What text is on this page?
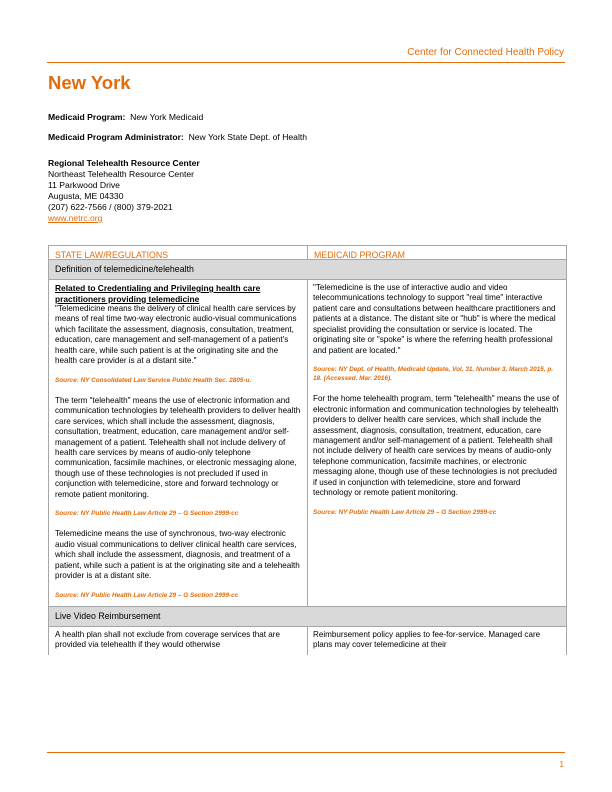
Center for Connected Health Policy
New York
Medicaid Program: New York Medicaid
Medicaid Program Administrator: New York State Dept. of Health
Regional Telehealth Resource Center
Northeast Telehealth Resource Center
11 Parkwood Drive
Augusta, ME 04330
(207) 622-7566 / (800) 379-2021
www.netrc.org
STATE LAW/REGULATIONS	MEDICAID PROGRAM
Definition of telemedicine/telehealth
Related to Credentialing and Privileging health care practitioners providing telemedicine

"Telemedicine means the delivery of clinical health care services by means of real time two-way electronic audio-visual communications which facilitate the assessment, diagnosis, consultation, treatment, education, care management and self-management of a patient's health care, while such patient is at the originating site and the health care provider is at a distant site."

Source: NY Consolidated Law Service Public Health Sec. 2805-u.

The term "telehealth" means the use of electronic information and communication technologies by telehealth providers to deliver health care services, which shall include the assessment, diagnosis, consultation, treatment, education, care management and/or self-management of a patient. Telehealth shall not include delivery of health care services by means of audio-only telephone communication, facsimile machines, or electronic messaging alone, though use of these technologies is not precluded if used in conjunction with telemedicine, store and forward technology or remote patient monitoring.

Source: NY Public Health Law Article 29 – G Section 2999-cc

Telemedicine means the use of synchronous, two-way electronic audio visual communications to deliver clinical health care services, which shall include the assessment, diagnosis, and treatment of a patient, while such a patient is at the originating site and a telehealth provider is at a distant site.

Source: NY Public Health Law Article 29 – G Section 2999-cc

"Telemedicine is the use of interactive audio and video telecommunications technology to support "real time" interactive patient care and consultations between healthcare practitioners and patients at a distance. The distant site or "hub" is where the medical specialist providing the consultation or service is located. The originating site or "spoke" is where the referring health professional and patient are located."

Source: NY Dept. of Health, Medicaid Update, Vol. 31, Number 3, March 2015, p. 18. (Accessed. Mar. 2016).

For the home telehealth program, term "telehealth" means the use of electronic information and communication technologies by telehealth providers to deliver health care services, which shall include the assessment, diagnosis, consultation, treatment, education, care management and/or self-management of a patient. Telehealth shall not include delivery of health care services by means of audio-only telephone communication, facsimile machines, or electronic messaging alone, though use of these technologies is not precluded if used in conjunction with telemedicine, store and forward technology or remote patient monitoring.

Source: NY Public Health Law Article 29 – G Section 2999-cc
Live Video Reimbursement

A health plan shall not exclude from coverage services that are provided via telehealth if they would otherwise

Reimbursement policy applies to fee-for-service. Managed care plans may cover telemedicine at their

1
